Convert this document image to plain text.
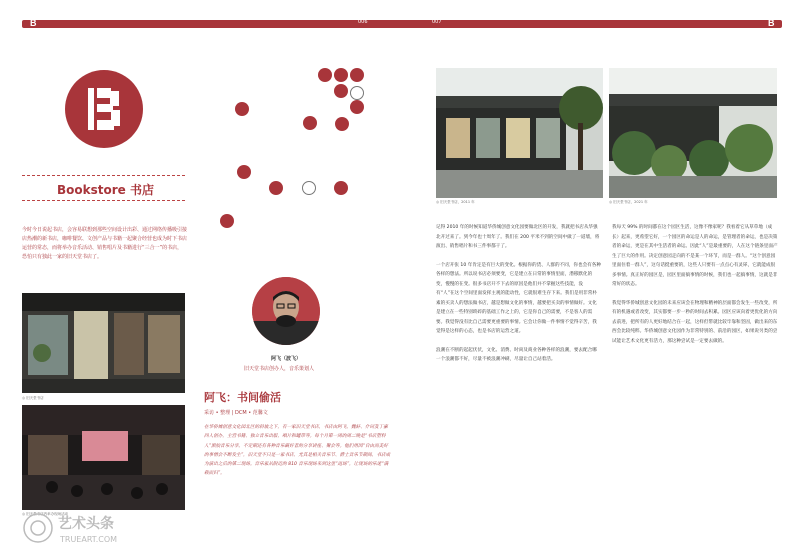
B	006	007	B
Bookstore 书店
今时今日说起书店，会容易联想到那些空间设计出彩、通过网络传播吸引接店热潮的新书店，咖啡餐饮、文创产品与书籍一起聚合经营也成为时下书店运营的常态，而将举办音乐活动、销售唱片及书籍进行“三合一”的书店，恐怕只有独此一家的旧天堂书店了。
◎ 旧天堂书店
◎ 旧天堂书店内举办现场活动
阿飞（波飞）
旧天堂书店创办人，音乐策划人
阿飞：书间偷活
采访 • 整理 | DCM • 范馨文
在华侨城创意文化园北区的斜坡之下，有一家旧天堂书店，书店由阿飞、魏轩、介词及丁嘉四人创办，主营书籍、独立音乐出版、唱片和罐带等。每个月第一周的周二晚是“书店塑料人”黑胶音乐分享，不定期还有各种音乐霸好者的分享讲座、聚会等。他们用因“自由而美好的事情会不断发生”，旧天堂不只是一家书店，尤其是相关音乐节、爵士音乐节期间，书店成为演出之后的第二现场。音乐家从附近的 810 音乐现场来到这里“返场”，让现场的乐迷“满载而归”。
◎ 旧天堂书店，2011 年	◎ 旧天堂书店，2021 年

记得 2010 年的时候知道华侨城创意文化园要做北区的开发，我就把书店从华强北开过来了。到今年也十周年了。我们在 200 平米不到的空间中做了一道墙，将演出、销售唱片和书三件事都干了。

一个店开张 10 年肯定是有巨大的变化。根据你的货、人群的不同，你也会有各种各样的想法。所以说书店必须要变，它是建立在日常的事情里面，潜移默化的变，慢慢的在变。很多书店开不下去的原因是他们并不掌握这些技能，没有“人”在这个空间里面发挥主观的能动性，它就很难生存下来。我们是用非常朴素的买卖人的想法做书店，越是想做文化的事情，越要把买卖的事情做好。文化是建立在一些特别琐碎的基础工作之上的，它是你自己的需要，不是客人的需要。我觉得没有比自己需要更重要的事情。它会让你做一件事情不觉得辛苦，我觉得是这样的心态，也是书店的运营之道。

浪潮在不断的起起伏伏，文化、消费、时尚及商业各种各样的浪潮，要去配合哪一个浪潮都不好，尽量不被浪潮冲刷，尽量让自己站着活。

我每天 99% 的时间都在这个园区生活，这像不像家呢？我看着它从草草地（成长）起来，更希望它好，一个园区的命运是人的命运，是管理者的命运，也是决策者的命运，更是在其中生活者的命运。因此“人”是最重要的，人在这个链条里面产生了巨大的作用。决定创意园走向的不是某一个环节，而是一群人。“这个创意园里面住着一群人”，这句话挺重要的，这些人只要有一点点心有灵犀，它就能成很多事情。真正好的园区是，园区里面搞事情的时候，我们也一起搞事情，这就是非常好的状态。

我觉得华侨城创意文化园的未来应该会在物理和精神的层面都会发生一些改变，所有的机遇或者改变，其实都要一步一秒的时间去积累。园区应该向着更优化的方向去前进，把所有的人更好地结合在一起，这样但带就比较牢靠和坚固，做出来的东西会比较纯粹。华侨城创意文化园作为非常特别的、前沿的园区，如果说另类的尝试能让艺术文化更有活力，那这种尝试是一定要去做的。

艺术头条
TRUEART.COM
